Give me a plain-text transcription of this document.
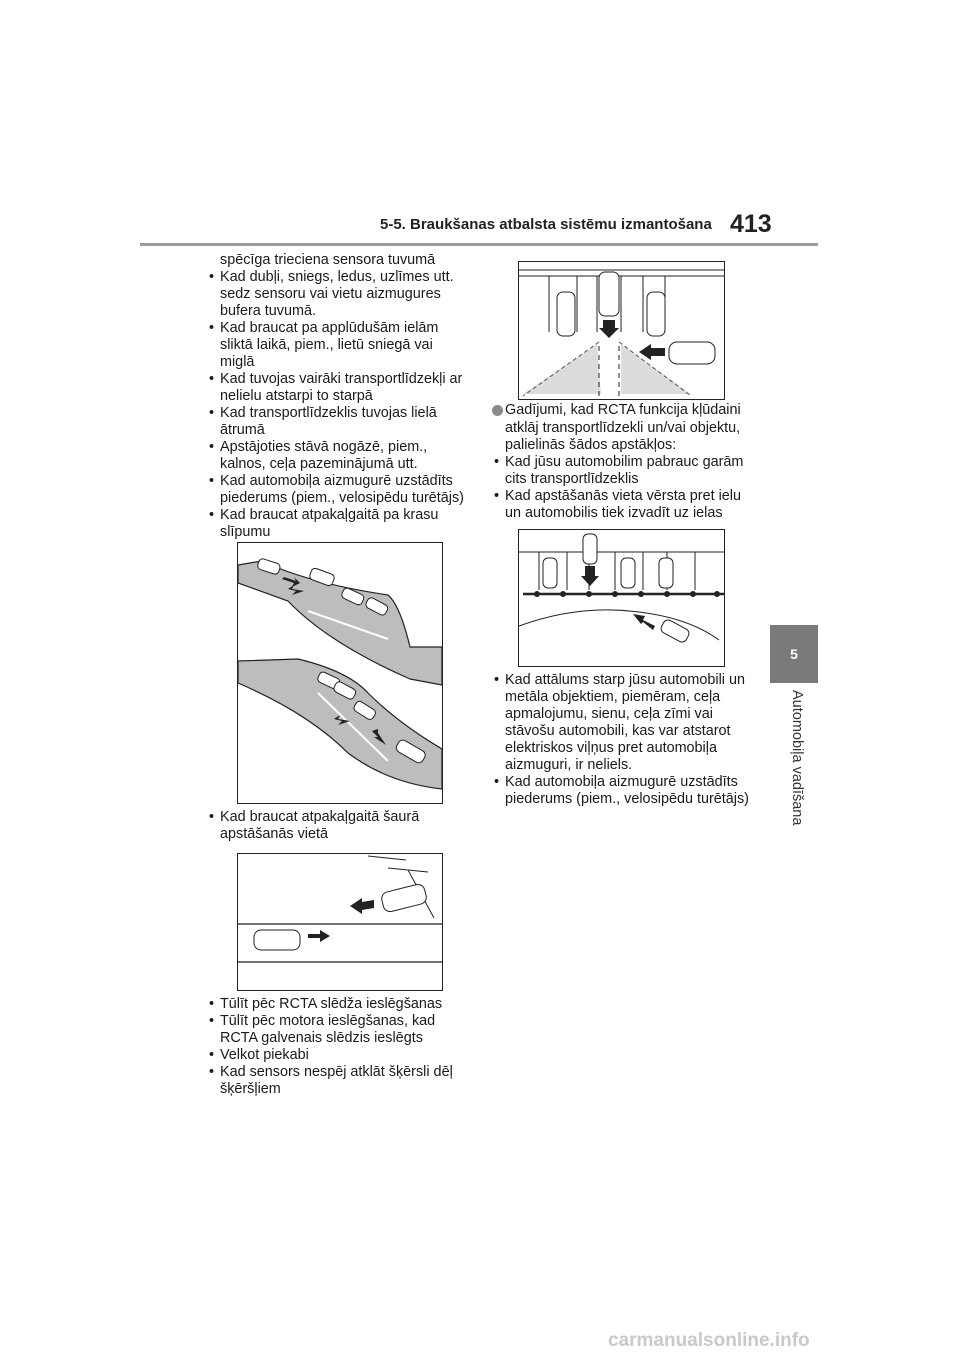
5-5. Braukšanas atbalsta sistēmu izmantošana 413
5
Automobiļa vadīšana
spēcīga trieciena sensora tuvumā
• Kad dubļi, sniegs, ledus, uzlīmes utt.
sedz sensoru vai vietu aizmugures
bufera tuvumā.
• Kad braucat pa applūdušām ielām
sliktā laikā, piem., lietū sniegā vai
miglā
• Kad tuvojas vairāki transportlīdzekļi ar
nelielu atstarpi to starpā
• Kad transportlīdzeklis tuvojas lielā
ātrumā
• Apstājoties stāvā nogāzē, piem.,
kalnos, ceļa pazeminājumā utt.
• Kad automobiļa aizmugurē uzstādīts
piederums (piem., velosipēdu turētājs)
• Kad braucat atpakaļgaitā pa krasu
slīpumu
• Kad braucat atpakaļgaitā šaurā
apstāšanās vietā
• Tūlīt pēc RCTA slēdža ieslēgšanas
• Tūlīt pēc motora ieslēgšanas, kad
RCTA galvenais slēdzis ieslēgts
• Velkot piekabi
• Kad sensors nespēj atklāt šķērsli dēļ
šķēršļiem
Gadījumi, kad RCTA funkcija kļūdaini
atklāj transportlīdzekli un/vai objektu,
palielinās šādos apstākļos:
• Kad jūsu automobilim pabrauc garām
cits transportlīdzeklis
• Kad apstāšanās vieta vērsta pret ielu
un automobilis tiek izvadīt uz ielas
• Kad attālums starp jūsu automobili un
metāla objektiem, piemēram, ceļa
apmalojumu, sienu, ceļa zīmi vai
stāvošu automobili, kas var atstarot
elektriskos viļņus pret automobiļa
aizmuguri, ir neliels.
• Kad automobiļa aizmugurē uzstādīts
piederums (piem., velosipēdu turētājs)
carmanualsonline.info
